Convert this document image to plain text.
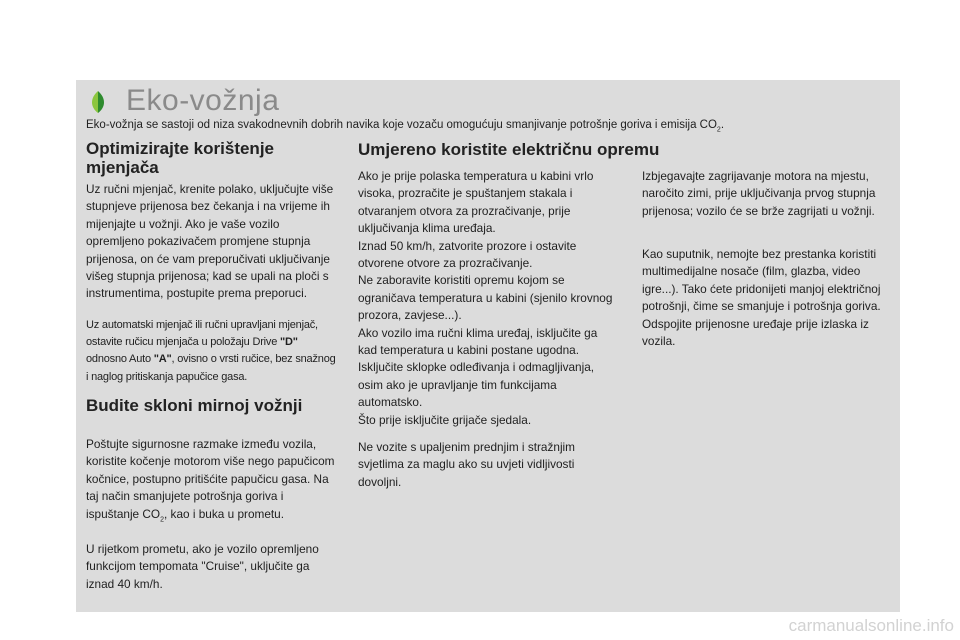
Eko-vožnja
Eko-vožnja se sastoji od niza svakodnevnih dobrih navika koje vozaču omogućuju smanjivanje potrošnje goriva i emisija $CO_2$.
Optimizirajte korištenje mjenjača

Uz ručni mjenjač, krenite polako, uključujte više stupnjeve prijenosa bez čekanja i na vrijeme ih mijenjajte u vožnji. Ako je vaše vozilo opremljeno pokazivačem promjene stupnja prijenosa, on će vam preporučivati uključivanje višeg stupnja prijenosa; kad se upali na ploči s instrumentima, postupite prema preporuci.

Uz automatski mjenjač ili ručni upravljani mjenjač, ostavite ručicu mjenjača u položaju Drive "D" odnosno Auto "A", ovisno o vrsti ručice, bez snažnog i naglog pritiskanja papučice gasa.

Budite skloni mirnoj vožnji

Poštujte sigurnosne razmake između vozila, koristite kočenje motorom više nego papučicom kočnice, postupno pritišćite papučicu gasa. Na taj način smanjujete potrošnja goriva i ispuštanje $CO_2$, kao i buka u prometu.

U rijetkom prometu, ako je vozilo opremljeno funkcijom tempomata "Cruise", uključite ga iznad 40 km/h.

Umjereno koristite električnu opremu

Ako je prije polaska temperatura u kabini vrlo visoka, prozračite je spuštanjem stakala i otvaranjem otvora za prozračivanje, prije uključivanja klima uređaja.

Iznad 50 km/h, zatvorite prozore i ostavite otvorene otvore za prozračivanje.

Ne zaboravite koristiti opremu kojom se ograničava temperatura u kabini (sjenilo krovnog prozora, zavjese...).

Ako vozilo ima ručni klima uređaj, isključite ga kad temperatura u kabini postane ugodna.

Isključite sklopke odleđivanja i odmagljivanja, osim ako je upravljanje tim funkcijama automatsko.

Što prije isključite grijače sjedala.

Ne vozite s upaljenim prednjim i stražnjim svjetlima za maglu ako su uvjeti vidljivosti dovoljni.

Izbjegavajte zagrijavanje motora na mjestu, naročito zimi, prije uključivanja prvog stupnja prijenosa; vozilo će se brže zagrijati u vožnji.

Kao suputnik, nemojte bez prestanka koristiti multimedijalne nosače (film, glazba, video igre...). Tako ćete pridonijeti manjoj električnoj potrošnji, čime se smanjuje i potrošnja goriva. Odspojite prijenosne uređaje prije izlaska iz vozila.

carmanualsonline.info
